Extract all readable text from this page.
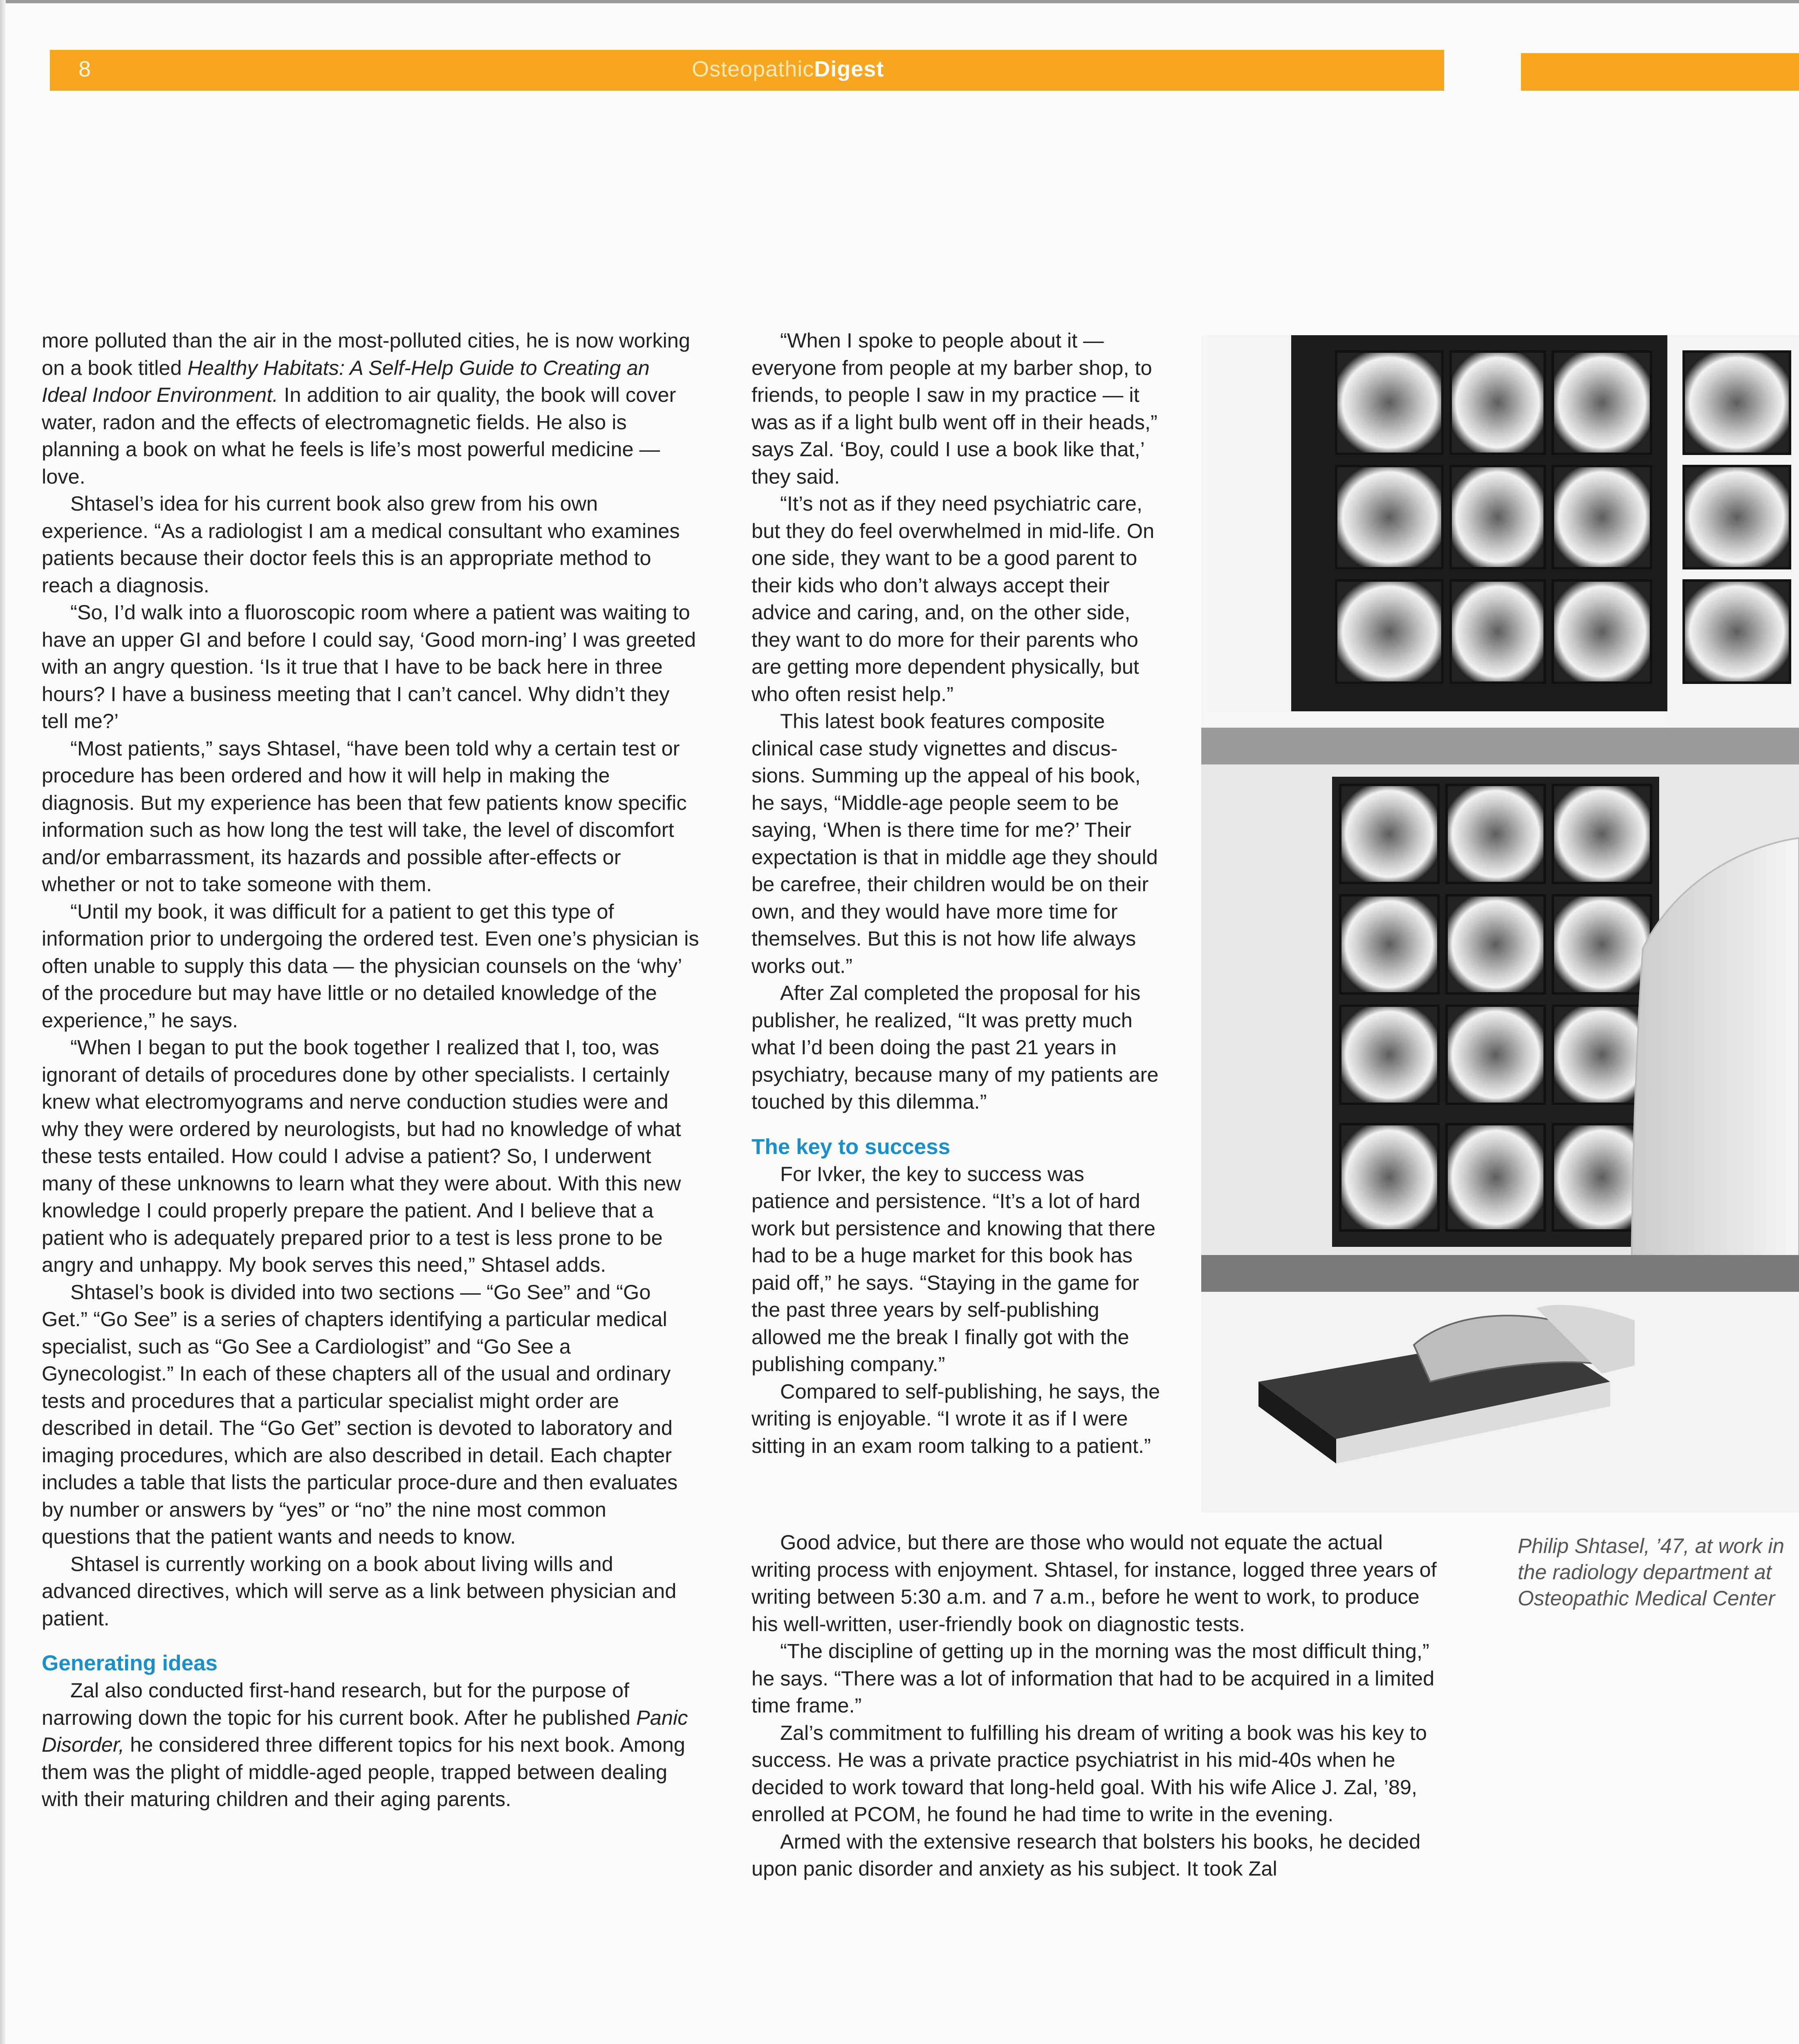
8	OsteopathicDigest

more polluted than the air in the most-polluted cities, he is now working on a book titled Healthy Habitats: A Self-Help Guide to Creating an Ideal Indoor Environment. In addition to air quality, the book will cover water, radon and the effects of electromagnetic fields. He also is planning a book on what he feels is life’s most powerful medicine — love.

Shtasel’s idea for his current book also grew from his own experience. “As a radiologist I am a medical consultant who examines patients because their doctor feels this is an appropriate method to reach a diagnosis.

“So, I’d walk into a fluoroscopic room where a patient was waiting to have an upper GI and before I could say, ‘Good morn-ing’ I was greeted with an angry question. ‘Is it true that I have to be back here in three hours? I have a business meeting that I can’t cancel. Why didn’t they tell me?’

“Most patients,” says Shtasel, “have been told why a certain test or procedure has been ordered and how it will help in making the diagnosis. But my experience has been that few patients know specific information such as how long the test will take, the level of discomfort and/or embarrassment, its hazards and possible after-effects or whether or not to take someone with them.

“Until my book, it was difficult for a patient to get this type of information prior to undergoing the ordered test. Even one’s physician is often unable to supply this data — the physician counsels on the ‘why’ of the procedure but may have little or no detailed knowledge of the experience,” he says.

“When I began to put the book together I realized that I, too, was ignorant of details of procedures done by other specialists. I certainly knew what electromyograms and nerve conduction studies were and why they were ordered by neurologists, but had no knowledge of what these tests entailed. How could I advise a patient? So, I underwent many of these unknowns to learn what they were about. With this new knowledge I could properly prepare the patient. And I believe that a patient who is adequately prepared prior to a test is less prone to be angry and unhappy. My book serves this need,” Shtasel adds.

Shtasel’s book is divided into two sections — “Go See” and “Go Get.” “Go See” is a series of chapters identifying a particular medical specialist, such as “Go See a Cardiologist” and “Go See a Gynecologist.” In each of these chapters all of the usual and ordinary tests and procedures that a particular specialist might order are described in detail. The “Go Get” section is devoted to laboratory and imaging procedures, which are also described in detail. Each chapter includes a table that lists the particular proce-dure and then evaluates by number or answers by “yes” or “no” the nine most common questions that the patient wants and needs to know.

Shtasel is currently working on a book about living wills and advanced directives, which will serve as a link between physician and patient.

Generating ideas

Zal also conducted first-hand research, but for the purpose of narrowing down the topic for his current book. After he published Panic Disorder, he considered three different topics for his next book. Among them was the plight of middle-aged people, trapped between dealing with their maturing children and their aging parents.

“When I spoke to people about it — everyone from people at my barber shop, to friends, to people I saw in my practice — it was as if a light bulb went off in their heads,” says Zal. ‘Boy, could I use a book like that,’ they said.

“It’s not as if they need psychiatric care, but they do feel overwhelmed in mid-life. On one side, they want to be a good parent to their kids who don’t always accept their advice and caring, and, on the other side, they want to do more for their parents who are getting more dependent physically, but who often resist help.”

This latest book features composite clinical case study vignettes and discus-sions. Summing up the appeal of his book, he says, “Middle-age people seem to be saying, ‘When is there time for me?’ Their expectation is that in middle age they should be carefree, their children would be on their own, and they would have more time for themselves. But this is not how life always works out.”

After Zal completed the proposal for his publisher, he realized, “It was pretty much what I’d been doing the past 21 years in psychiatry, because many of my patients are touched by this dilemma.”

The key to success

For Ivker, the key to success was patience and persistence. “It’s a lot of hard work but persistence and knowing that there had to be a huge market for this book has paid off,” he says. “Staying in the game for the past three years by self-publishing allowed me the break I finally got with the publishing company.”

Compared to self-publishing, he says, the writing is enjoyable. “I wrote it as if I were sitting in an exam room talking to a patient.”

Good advice, but there are those who would not equate the actual writing process with enjoyment. Shtasel, for instance, logged three years of writing between 5:30 a.m. and 7 a.m., before he went to work, to produce his well-written, user-friendly book on diagnostic tests.

“The discipline of getting up in the morning was the most difficult thing,” he says. “There was a lot of information that had to be acquired in a limited time frame.”

Zal’s commitment to fulfilling his dream of writing a book was his key to success. He was a private practice psychiatrist in his mid-40s when he decided to work toward that long-held goal. With his wife Alice J. Zal, ’89, enrolled at PCOM, he found he had time to write in the evening.

Armed with the extensive research that bolsters his books, he decided upon panic disorder and anxiety as his subject. It took Zal

Philip Shtasel, ’47, at work in
the radiology department at
Osteopathic Medical Center
